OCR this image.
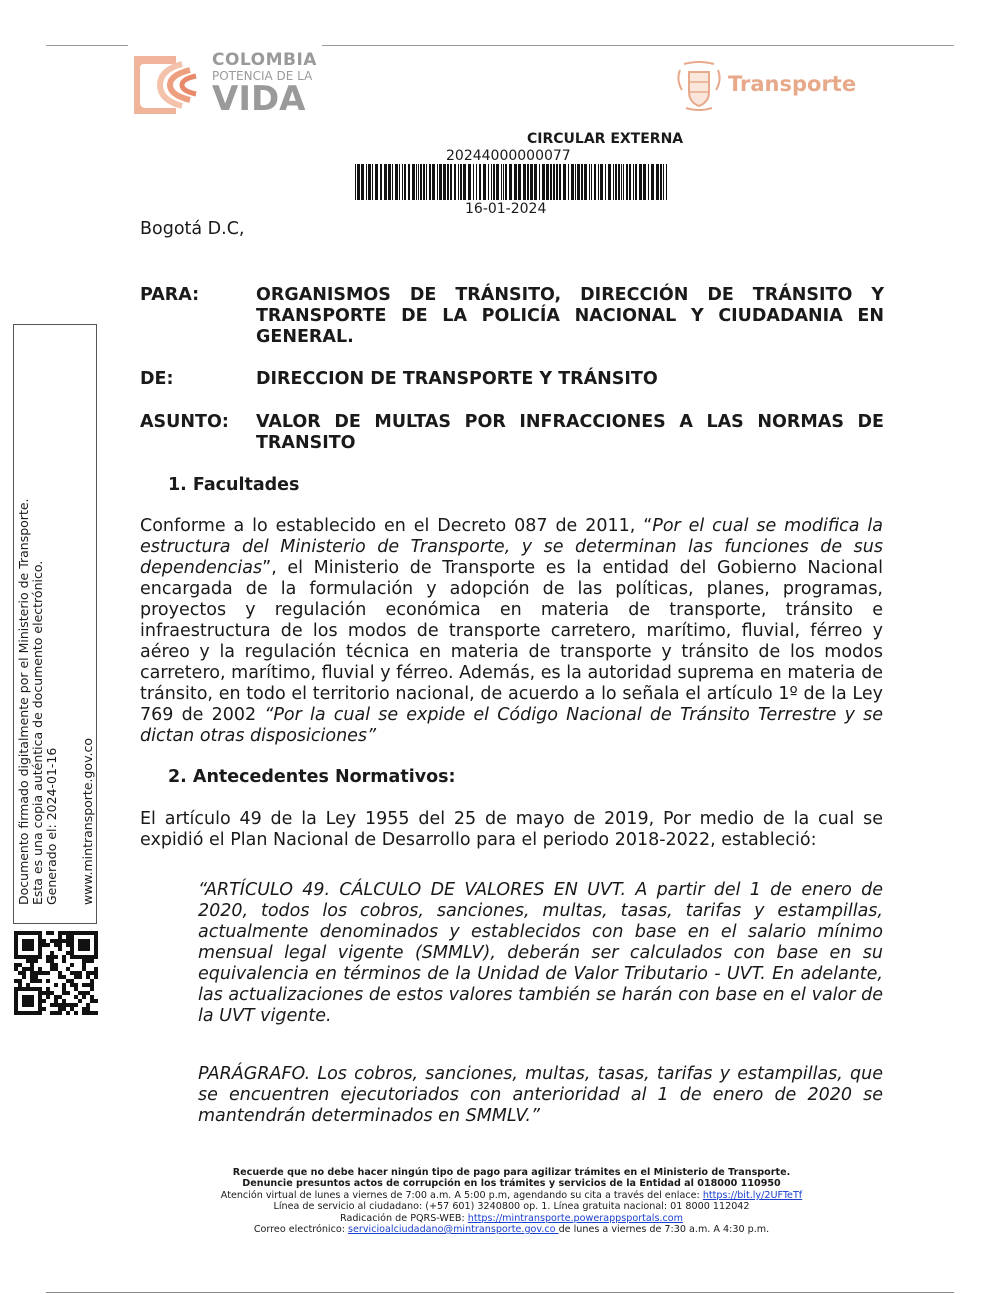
COLOMBIA
POTENCIA DE LA
VIDA	Transporte
CIRCULAR EXTERNA
20244000000077
16-01-2024
Bogotá D.C,
PARA:	ORGANISMOS DE TRÁNSITO, DIRECCIÓN DE TRÁNSITO Y TRANSPORTE DE LA POLICÍA NACIONAL Y CIUDADANIA EN GENERAL.
DE:	DIRECCION DE TRANSPORTE Y TRÁNSITO
ASUNTO: VALOR DE MULTAS POR INFRACCIONES A LAS NORMAS DE TRANSITO
1. Facultades
Conforme a lo establecido en el Decreto 087 de 2011, “Por el cual se modifica la estructura del Ministerio de Transporte, y se determinan las funciones de sus dependencias”, el Ministerio de Transporte es la entidad del Gobierno Nacional encargada de la formulación y adopción de las políticas, planes, programas, proyectos y regulación económica en materia de transporte, tránsito e infraestructura de los modos de transporte carretero, marítimo, fluvial, férreo y aéreo y la regulación técnica en materia de transporte y tránsito de los modos carretero, marítimo, fluvial y férreo. Además, es la autoridad suprema en materia de tránsito, en todo el territorio nacional, de acuerdo a lo señala el artículo 1º de la Ley 769 de 2002 “Por la cual se expide el Código Nacional de Tránsito Terrestre y se dictan otras disposiciones”
2. Antecedentes Normativos:
El artículo 49 de la Ley 1955 del 25 de mayo de 2019, Por medio de la cual se expidió el Plan Nacional de Desarrollo para el periodo 2018-2022, estableció:
“ARTÍCULO 49. CÁLCULO DE VALORES EN UVT. A partir del 1 de enero de 2020, todos los cobros, sanciones, multas, tasas, tarifas y estampillas, actualmente denominados y establecidos con base en el salario mínimo mensual legal vigente (SMMLV), deberán ser calculados con base en su equivalencia en términos de la Unidad de Valor Tributario - UVT. En adelante, las actualizaciones de estos valores también se harán con base en el valor de la UVT vigente.
PARÁGRAFO. Los cobros, sanciones, multas, tasas, tarifas y estampillas, que se encuentren ejecutoriados con anterioridad al 1 de enero de 2020 se mantendrán determinados en SMMLV.”
Documento firmado digitalmente por el Ministerio de Transporte. Esta es una copia auténtica de documento electrónico. Generado el: 2024-01-16 www.mintransporte.gov.co
Recuerde que no debe hacer ningún tipo de pago para agilizar trámites en el Ministerio de Transporte.
Denuncie presuntos actos de corrupción en los trámites y servicios de la Entidad al 018000 110950
Atención virtual de lunes a viernes de 7:00 a.m. A 5:00 p.m, agendando su cita a través del enlace: https://bit.ly/2UFTeTf
Línea de servicio al ciudadano: (+57 601) 3240800 op. 1. Línea gratuita nacional: 01 8000 112042
Radicación de PQRS-WEB: https://mintransporte.powerappsportals.com
Correo electrónico: servicioalciudadano@mintransporte.gov.co de lunes a viernes de 7:30 a.m. A 4:30 p.m.
